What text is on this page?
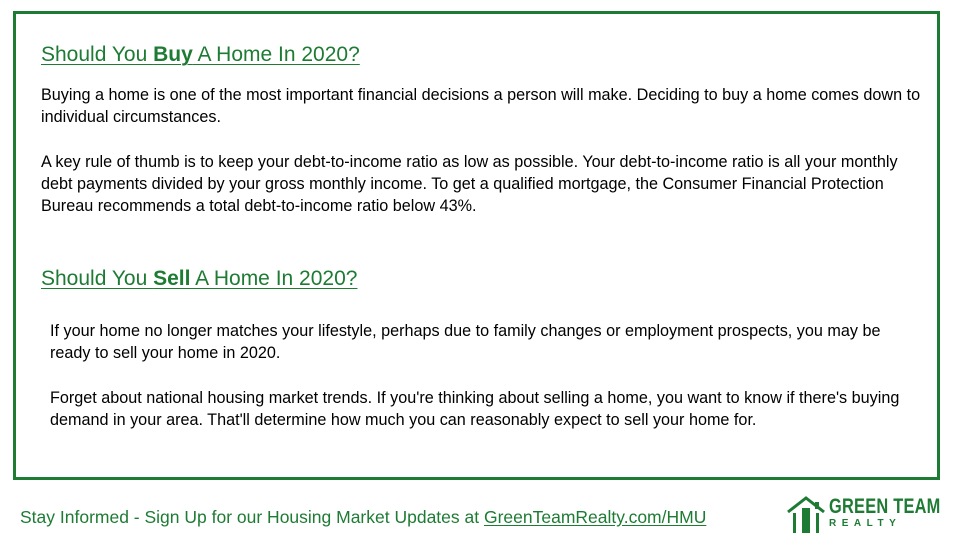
Should You Buy A Home In 2020?

Buying a home is one of the most important financial decisions a person will make. Deciding to buy a home comes down to individual circumstances.

A key rule of thumb is to keep your debt-to-income ratio as low as possible. Your debt-to-income ratio is all your monthly debt payments divided by your gross monthly income. To get a qualified mortgage, the Consumer Financial Protection Bureau recommends a total debt-to-income ratio below 43%.

Should You Sell A Home In 2020?

If your home no longer matches your lifestyle, perhaps due to family changes or employment prospects, you may be ready to sell your home in 2020.

Forget about national housing market trends. If you're thinking about selling a home, you want to know if there's buying demand in your area. That'll determine how much you can reasonably expect to sell your home for.

Stay Informed - Sign Up for our Housing Market Updates at GreenTeamRealty.com/HMU	GREEN TEAM
REALTY
